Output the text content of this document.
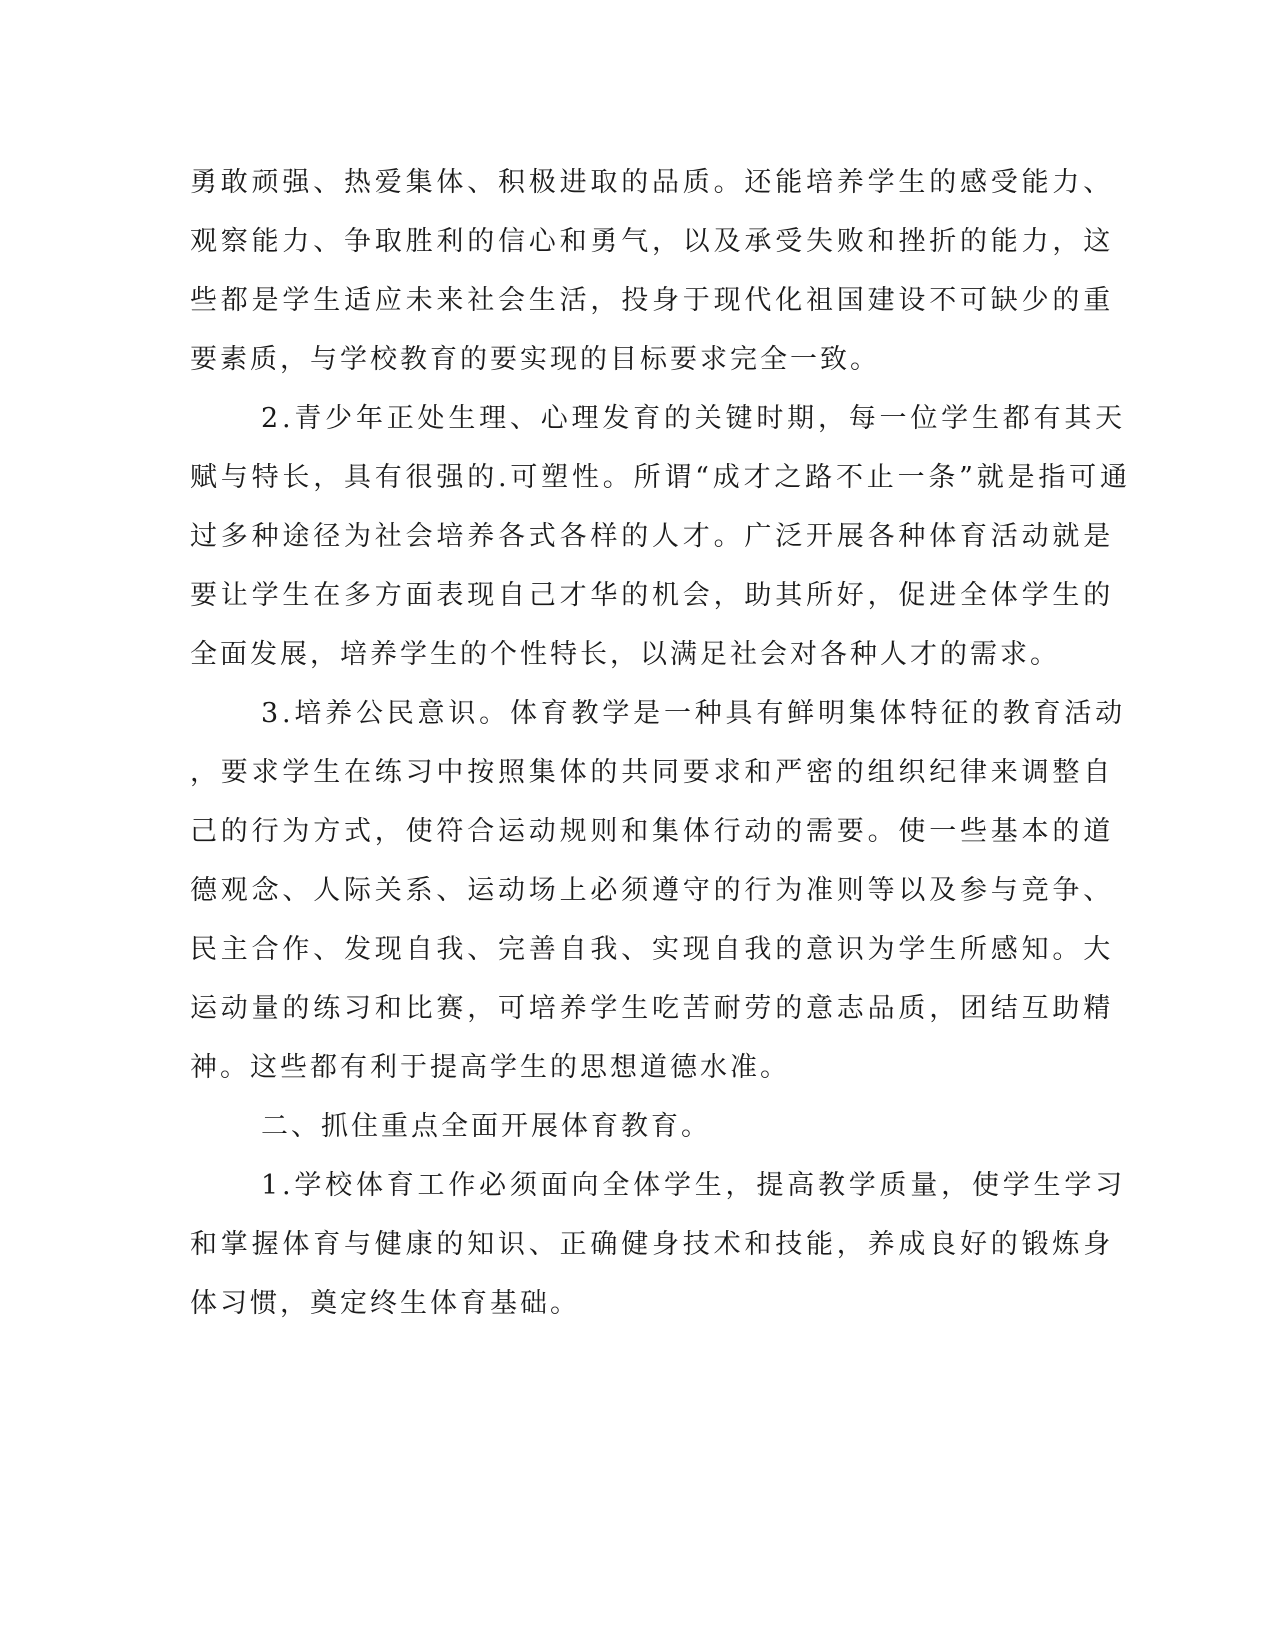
勇敢顽强、热爱集体、积极进取的品质。还能培养学生的感受能力、
观察能力、争取胜利的信心和勇气，以及承受失败和挫折的能力，这
些都是学生适应未来社会生活，投身于现代化祖国建设不可缺少的重
要素质，与学校教育的要实现的目标要求完全一致。
2.青少年正处生理、心理发育的关键时期，每一位学生都有其天
赋与特长，具有很强的.可塑性。所谓“成才之路不止一条”就是指可通
过多种途径为社会培养各式各样的人才。广泛开展各种体育活动就是
要让学生在多方面表现自己才华的机会，助其所好，促进全体学生的
全面发展，培养学生的个性特长，以满足社会对各种人才的需求。
3.培养公民意识。体育教学是一种具有鲜明集体特征的教育活动
，要求学生在练习中按照集体的共同要求和严密的组织纪律来调整自
己的行为方式，使符合运动规则和集体行动的需要。使一些基本的道
德观念、人际关系、运动场上必须遵守的行为准则等以及参与竞争、
民主合作、发现自我、完善自我、实现自我的意识为学生所感知。大
运动量的练习和比赛，可培养学生吃苦耐劳的意志品质，团结互助精
神。这些都有利于提高学生的思想道德水准。
二、抓住重点全面开展体育教育。
1.学校体育工作必须面向全体学生，提高教学质量，使学生学习
和掌握体育与健康的知识、正确健身技术和技能，养成良好的锻炼身
体习惯，奠定终生体育基础。
